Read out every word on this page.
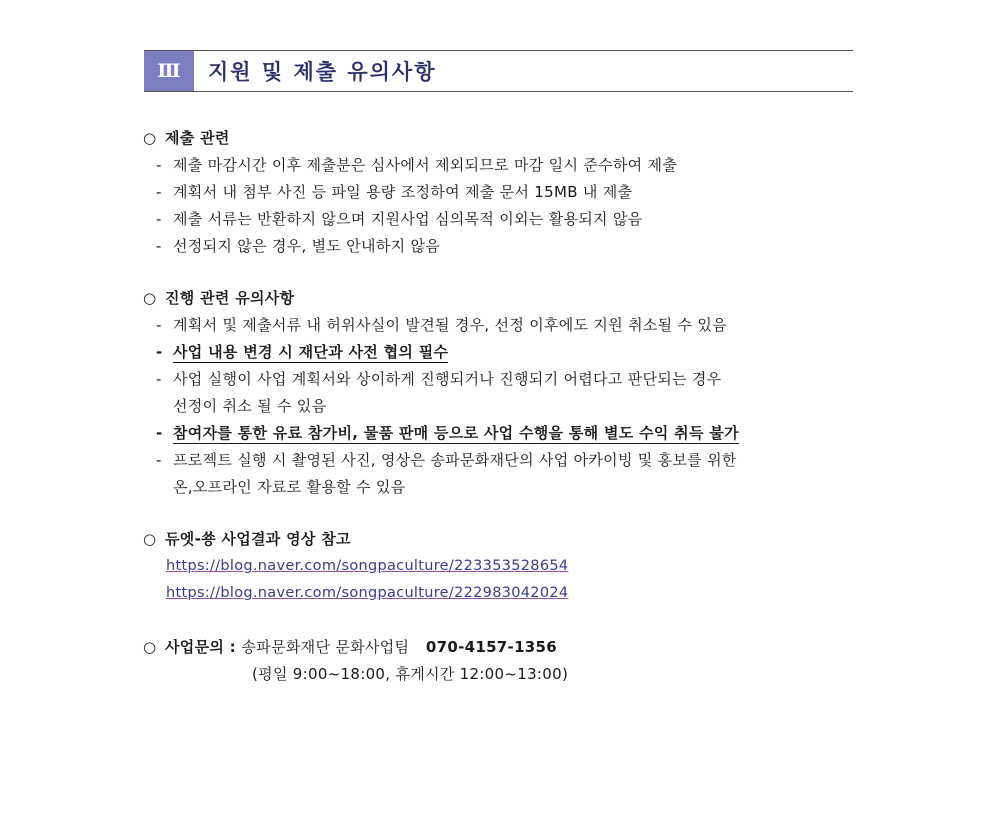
Ⅲ	지원 및 제출 유의사항
○ 제출 관련
- 제출 마감시간 이후 제출분은 심사에서 제외되므로 마감 일시 준수하여 제출
- 계획서 내 첨부 사진 등 파일 용량 조정하여 제출 문서 15MB 내 제출
- 제출 서류는 반환하지 않으며 지원사업 심의목적 이외는 활용되지 않음
- 선정되지 않은 경우, 별도 안내하지 않음
○ 진행 관련 유의사항
- 계획서 및 제출서류 내 허위사실이 발견될 경우, 선정 이후에도 지원 취소될 수 있음
- 사업 내용 변경 시 재단과 사전 협의 필수
- 사업 실행이 사업 계획서와 상이하게 진행되거나 진행되기 어렵다고 판단되는 경우
선정이 취소 될 수 있음
- 참여자를 통한 유료 참가비, 물품 판매 등으로 사업 수행을 통해 별도 수익 취득 불가
- 프로젝트 실행 시 촬영된 사진, 영상은 송파문화재단의 사업 아카이빙 및 홍보를 위한
온,오프라인 자료로 활용할 수 있음
○ 듀엣-쑝 사업결과 영상 참고
https://blog.naver.com/songpaculture/223353528654
https://blog.naver.com/songpaculture/222983042024
○ 사업문의 : 송파문화재단 문화사업팀 070-4157-1356
(평일 9:00~18:00, 휴게시간 12:00~13:00)
